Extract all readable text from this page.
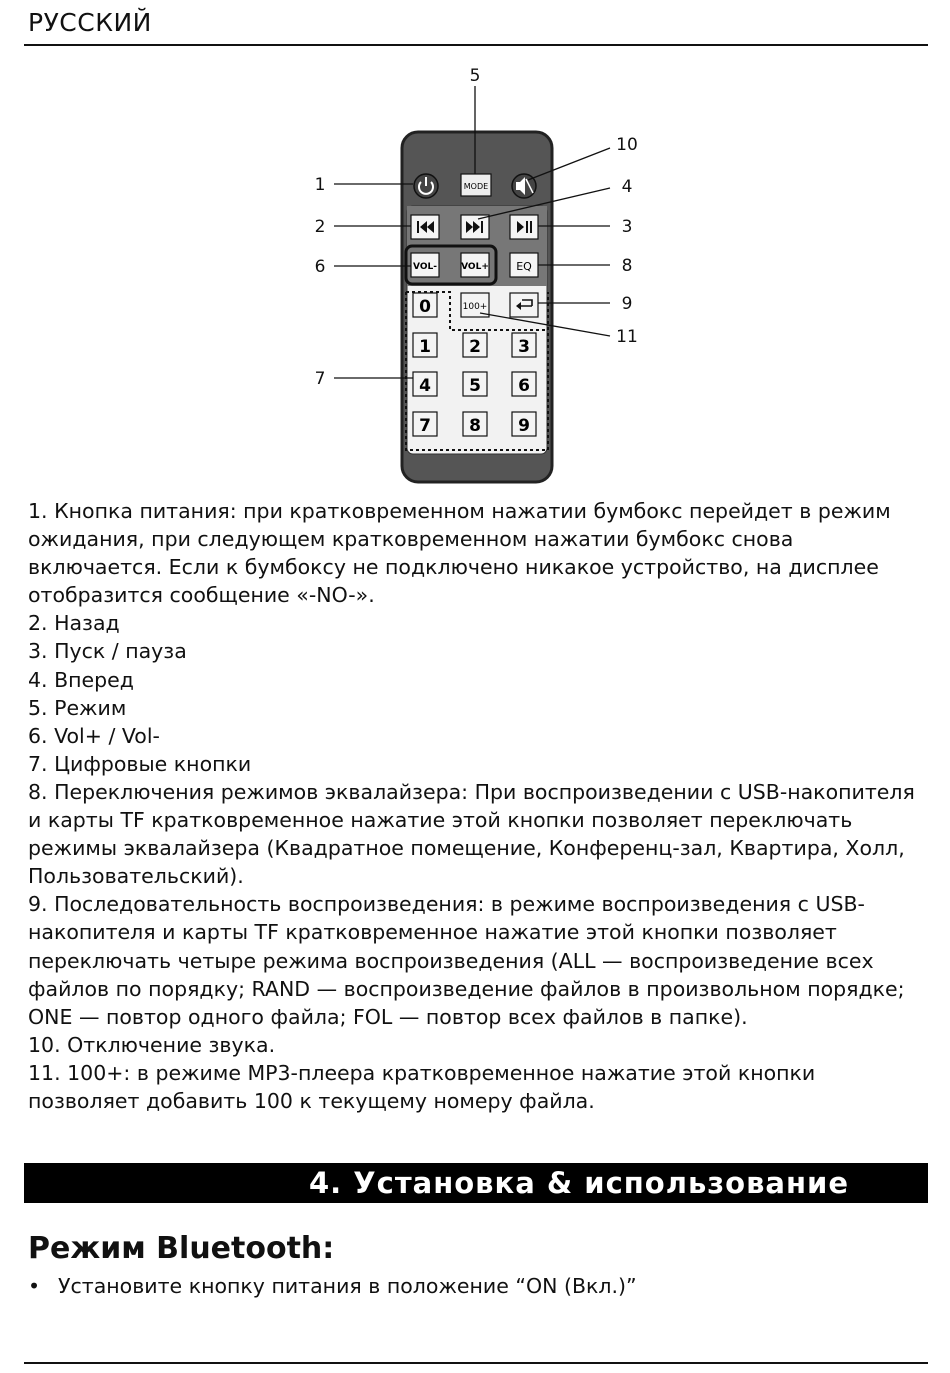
РУССКИЙ
MODE
VOL-	VOL+ EQ
0	100+
1 2 3
4 5 6
7 8 9
5
1
2
6
7
10
4
3
8
9
11

1. Кнопка питания: при кратковременном нажатии бумбокс перейдет в режим ожидания, при следующем кратковременном нажатии бумбокс снова включается. Если к бумбоксу не подключено никакое устройство, на дисплее отобразится сообщение «-NO-».

2. Назад

3. Пуск / пауза

4. Вперед

5. Режим

6. Vol+ / Vol-

7. Цифровые кнопки

8. Переключения режимов эквалайзера: При воспроизведении с USB-накопителя и карты TF кратковременное нажатие этой кнопки позволяет переключать режимы эквалайзера (Квадратное помещение, Конференц-зал, Квартира, Холл, Пользовательский).

9. Последовательность воспроизведения: в режиме воспроизведения с USB-накопителя и карты TF кратковременное нажатие этой кнопки позволяет переключать четыре режима воспроизведения (ALL — воспроизведение всех файлов по порядку; RAND — воспроизведение файлов в произвольном порядке; ONE — повтор одного файла; FOL — повтор всех файлов в папке).

10. Отключение звука.

11. 100+: в режиме MP3-плеера кратковременное нажатие этой кнопки позволяет добавить 100 к текущему номеру файла.

4. Установка & использование
Режим Bluetooth:
• Установите кнопку питания в положение “ON (Вкл.)”
